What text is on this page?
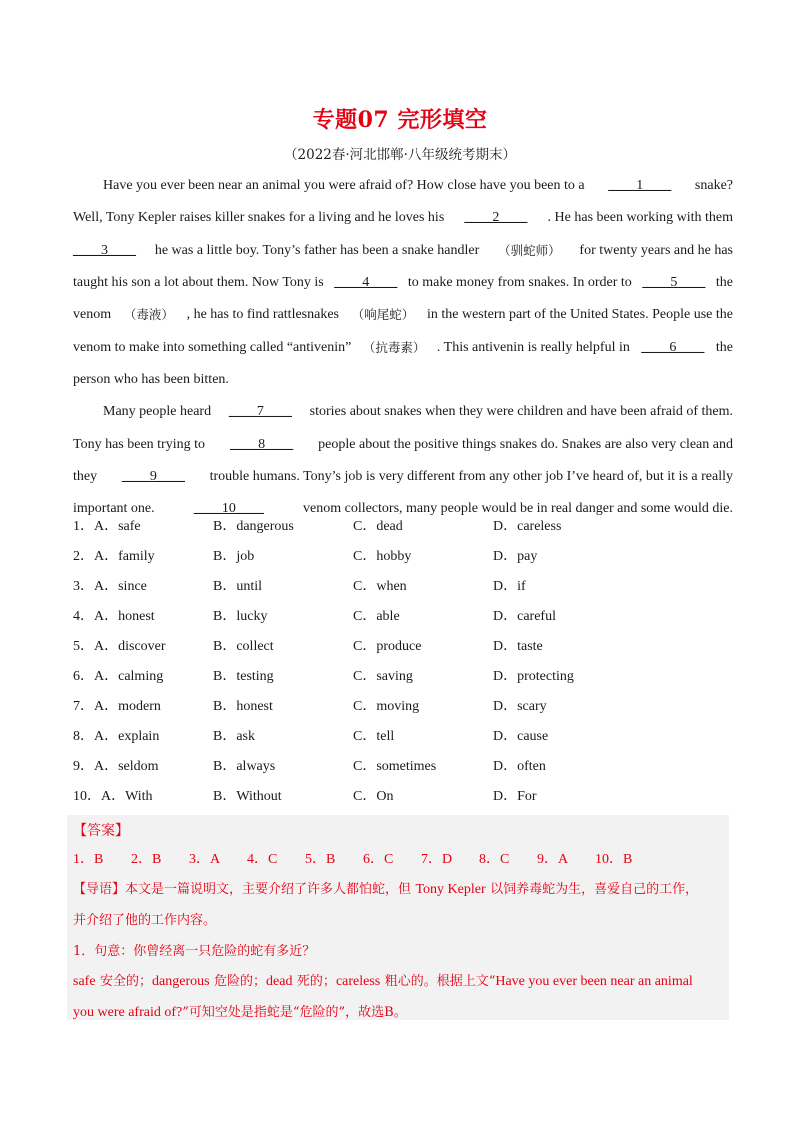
专题07 完形填空
（2022春·河北邯郸·八年级统考期末）
Have you ever been near an animal you were afraid of? How close have you been to a ____1____ snake?
Well, Tony Kepler raises killer snakes for a living and he loves his ____2____ . He has been working with them
____3____ he was a little boy. Tony’s father has been a snake handler （驯蛇师） for twenty years and he has
taught his son a lot about them. Now Tony is ____4____ to make money from snakes. In order to ____5____ the
venom （毒液） , he has to find rattlesnakes （响尾蛇） in the western part of the United States. People use the
venom to make into something called “antivenin” （抗毒素） . This antivenin is really helpful in ____6____ the
person who has been bitten.
Many people heard ____7____ stories about snakes when they were children and have been afraid of them.
Tony has been trying to ____8____ people about the positive things snakes do. Snakes are also very clean and
they ____9____ trouble humans. Tony’s job is very different from any other job I’ve heard of, but it is a really
important one.	____10____	venom collectors, many people would be in real danger and some would die.
1．A．safe	B．dangerous	C．dead	D．careless
2．A．family	B．job	C．hobby	D．pay
3．A．since	B．until	C．when	D．if
4．A．honest	B．lucky	C．able	D．careful
5．A．discover	B．collect	C．produce	D．taste
6．A．calming	B．testing	C．saving	D．protecting
7．A．modern	B．honest	C．moving	D．scary
8．A．explain	B．ask	C．tell	D．cause
9．A．seldom	B．always	C．sometimes	D．often
10．A．With	B．Without	C．On	D．For
【答案】
1．B	2．B	3．A	4．C	5．B	6．C	7．D	8．C	9．A	10．B
【导语】本文是一篇说明文，主要介绍了许多人都怕蛇，但 Tony Kepler 以饲养毒蛇为生，喜爱自己的工作，
并介绍了他的工作内容。
1．句意：你曾经离一只危险的蛇有多近？
safe 安全的；dangerous 危险的；dead 死的；careless 粗心的。根据上文“Have you ever been near an animal
you were afraid of?”可知空处是指蛇是“危险的”，故选B。
